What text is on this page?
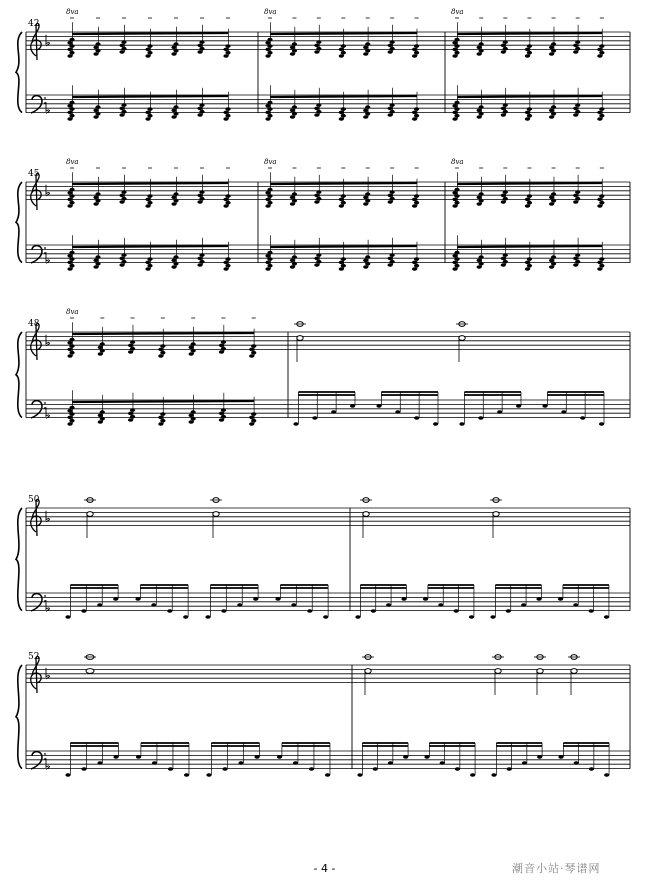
42
8va	8va	8va
45
8va	8va	8va
48
8va
50
52
- 4 -	潮音小站·琴谱网
